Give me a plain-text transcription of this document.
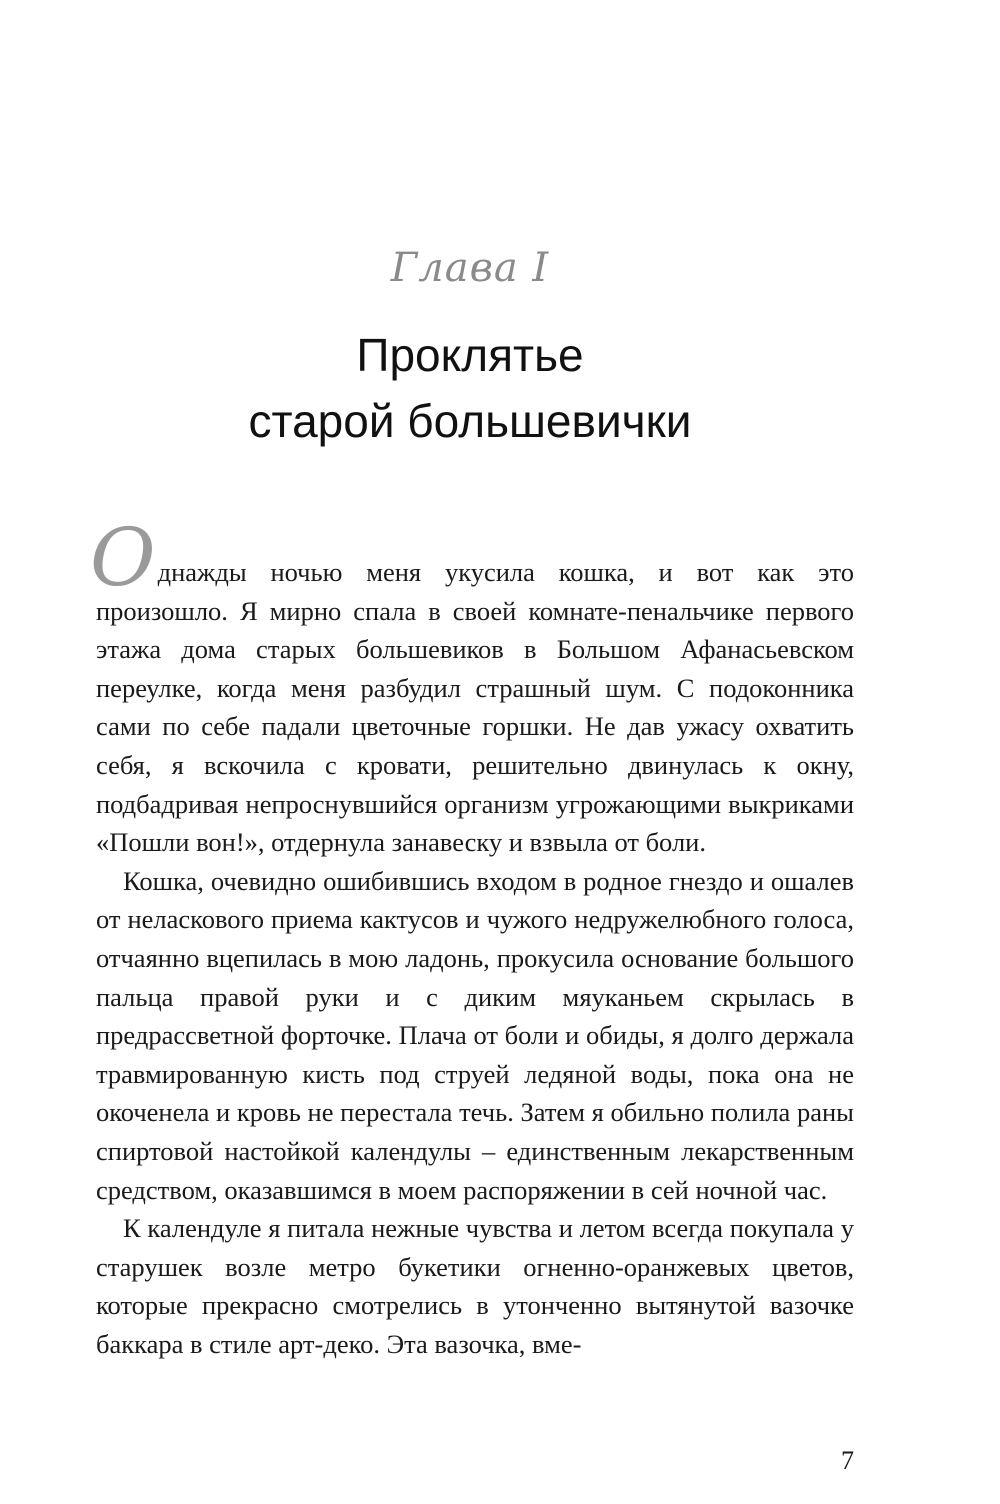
Глава I
Проклятье
старой большевички

Однажды ночью меня укусила кошка, и вот как это произошло. Я мирно спала в своей комнате-пенальчике первого этажа дома старых большевиков в Большом Афанасьевском переулке, когда меня разбудил страшный шум. С подоконника сами по себе падали цветочные горшки. Не дав ужасу охватить себя, я вскочила с кровати, решительно двинулась к окну, подбадривая непроснувшийся организм угрожающими выкриками «Пошли вон!», отдернула занавеску и взвыла от боли.

Кошка, очевидно ошибившись входом в родное гнездо и ошалев от неласкового приема кактусов и чужого недружелюбного голоса, отчаянно вцепилась в мою ладонь, прокусила основание большого пальца правой руки и с диким мяуканьем скрылась в предрассветной форточке. Плача от боли и обиды, я долго держала травмированную кисть под струей ледяной воды, пока она не окоченела и кровь не перестала течь. Затем я обильно полила раны спиртовой настойкой календулы – единственным лекарственным средством, оказавшимся в моем распоряжении в сей ночной час.

К календуле я питала нежные чувства и летом всегда покупала у старушек возле метро букетики огненно-оранжевых цветов, которые прекрасно смотрелись в утонченно вытянутой вазочке баккара в стиле арт-деко. Эта вазочка, вме-

7
